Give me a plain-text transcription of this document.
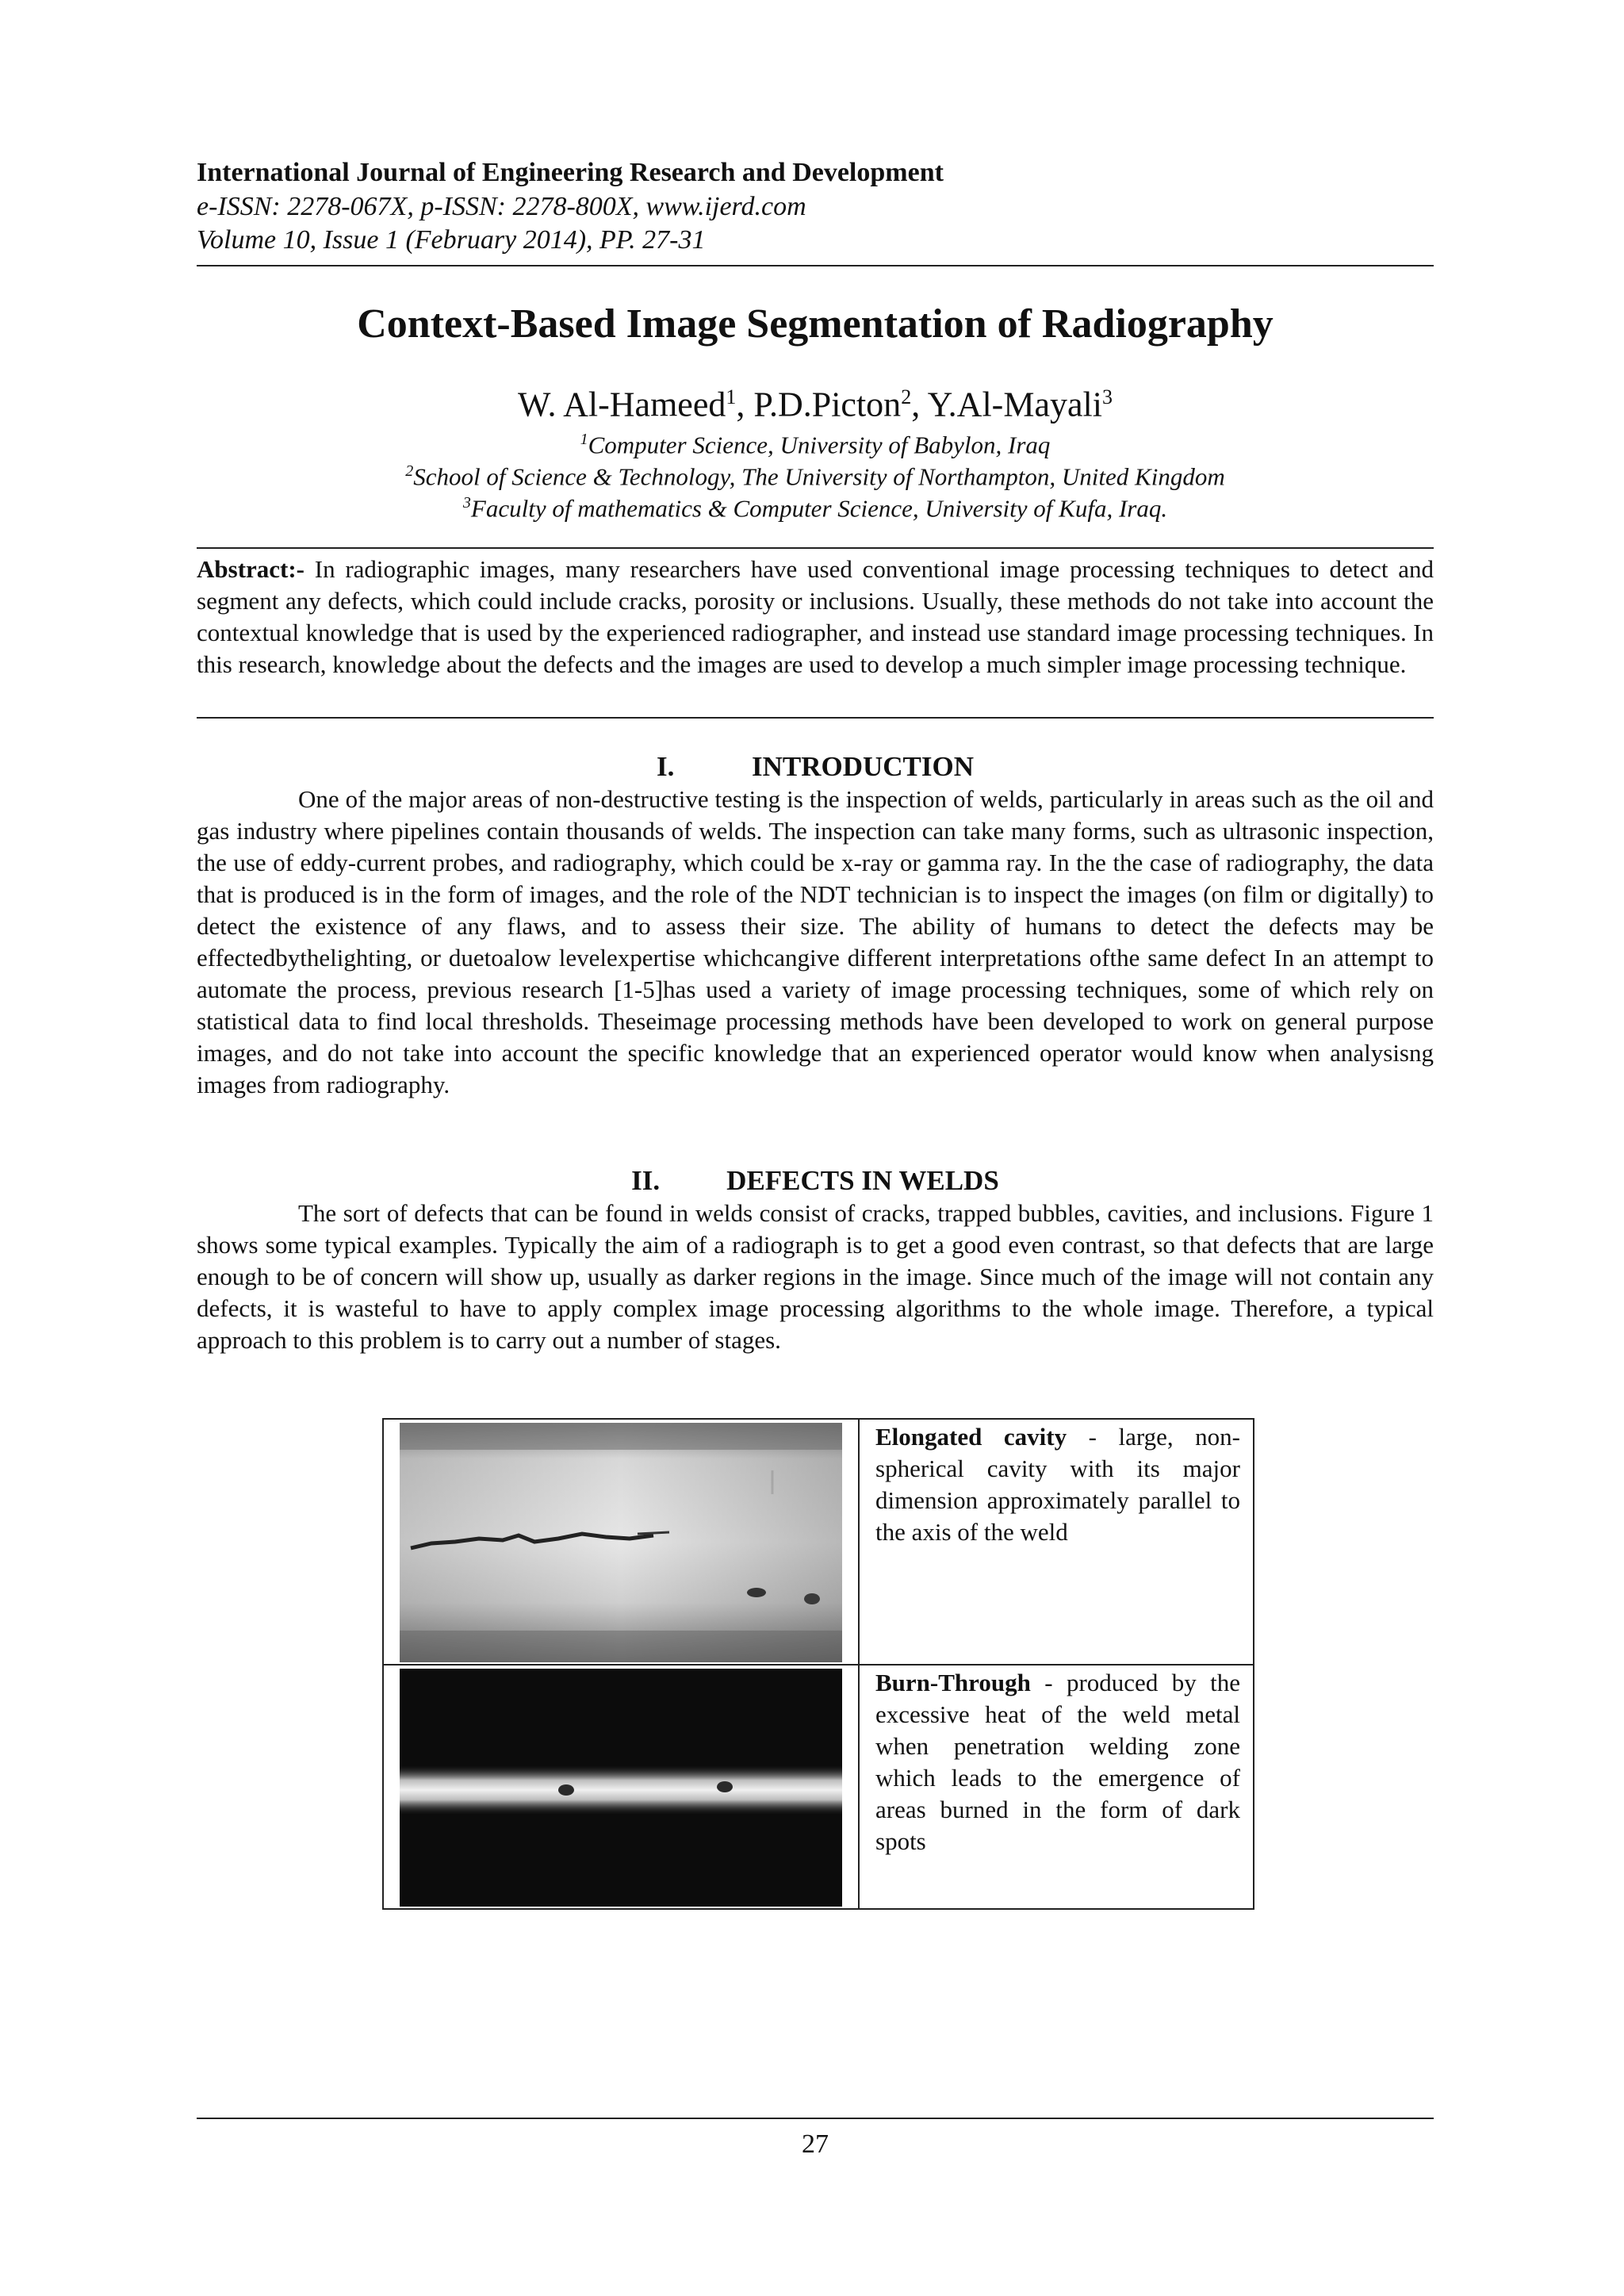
International Journal of Engineering Research and Development
e-ISSN: 2278-067X, p-ISSN: 2278-800X, www.ijerd.com
Volume 10, Issue 1 (February 2014), PP. 27-31
Context-Based Image Segmentation of Radiography
W. Al-Hameed$^1$, P.D.Picton$^2$, Y.Al-Mayali$^3$
$^1$Computer Science, University of Babylon, Iraq
$^2$School of Science & Technology, The University of Northampton, United Kingdom
$^3$Faculty of mathematics & Computer Science, University of Kufa, Iraq.
Abstract:- In radiographic images, many researchers have used conventional image processing techniques to detect and segment any defects, which could include cracks, porosity or inclusions. Usually, these methods do not take into account the contextual knowledge that is used by the experienced radiographer, and instead use standard image processing techniques. In this research, knowledge about the defects and the images are used to develop a much simpler image processing technique.
I.	INTRODUCTION
One of the major areas of non-destructive testing is the inspection of welds, particularly in areas such as the oil and gas industry where pipelines contain thousands of welds. The inspection can take many forms, such as ultrasonic inspection, the use of eddy-current probes, and radiography, which could be x-ray or gamma ray. In the the case of radiography, the data that is produced is in the form of images, and the role of the NDT technician is to inspect the images (on film or digitally) to detect the existence of any flaws, and to assess their size. The ability of humans to detect the defects may be effectedbythelighting, or duetoalow levelexpertise whichcangive different interpretations ofthe same defect In an attempt to automate the process, previous research [1-5]has used a variety of image processing techniques, some of which rely on statistical data to find local thresholds. Theseimage processing methods have been developed to work on general purpose images, and do not take into account the specific knowledge that an experienced operator would know when analysisng images from radiography.
II. DEFECTS IN WELDS
The sort of defects that can be found in welds consist of cracks, trapped bubbles, cavities, and inclusions. Figure 1 shows some typical examples. Typically the aim of a radiograph is to get a good even contrast, so that defects that are large enough to be of concern will show up, usually as darker regions in the image. Since much of the image will not contain any defects, it is wasteful to have to apply complex image processing algorithms to the whole image. Therefore, a typical approach to this problem is to carry out a number of stages.
Elongated cavity - large, non-spherical cavity with its major dimension approximately parallel to the axis of the weld
Burn-Through - produced by the excessive heat of the weld metal when penetration welding zone which leads to the emergence of areas burned in the form of dark spots
27
